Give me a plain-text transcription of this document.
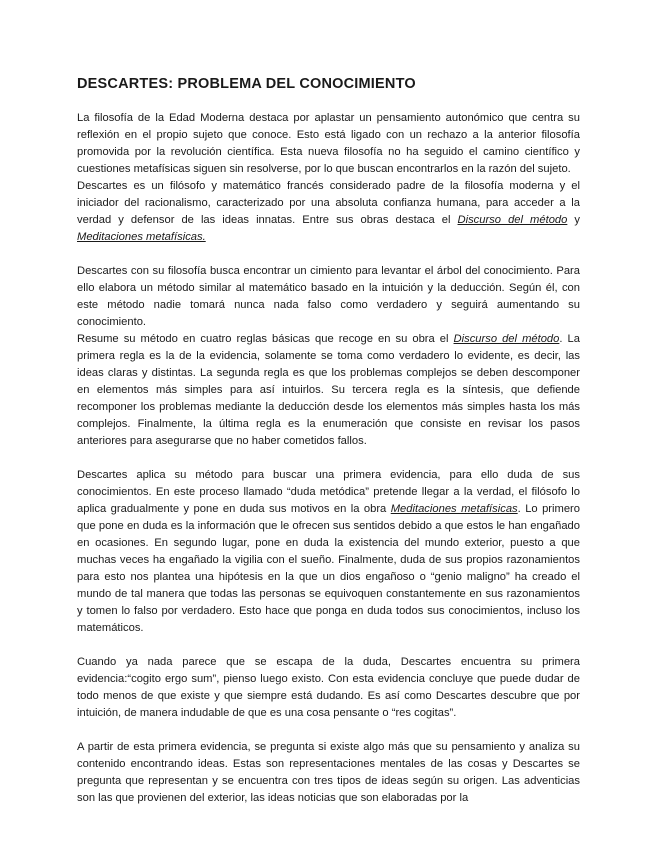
DESCARTES: PROBLEMA DEL CONOCIMIENTO

La filosofía de la Edad Moderna destaca por aplastar un pensamiento autonómico que centra su reflexión en el propio sujeto que conoce. Esto está ligado con un rechazo a la anterior filosofía promovida por la revolución científica. Esta nueva filosofía no ha seguido el camino científico y cuestiones metafísicas siguen sin resolverse, por lo que buscan encontrarlos en la razón del sujeto.

Descartes es un filósofo y matemático francés considerado padre de la filosofía moderna y el iniciador del racionalismo, caracterizado por una absoluta confianza humana, para acceder a la verdad y defensor de las ideas innatas. Entre sus obras destaca el Discurso del método y Meditaciones metafísicas.

Descartes con su filosofía busca encontrar un cimiento para levantar el árbol del conocimiento. Para ello elabora un método similar al matemático basado en la intuición y la deducción. Según él, con este método nadie tomará nunca nada falso como verdadero y seguirá aumentando su conocimiento.

Resume su método en cuatro reglas básicas que recoge en su obra el Discurso del método. La primera regla es la de la evidencia, solamente se toma como verdadero lo evidente, es decir, las ideas claras y distintas. La segunda regla es que los problemas complejos se deben descomponer en elementos más simples para así intuirlos. Su tercera regla es la síntesis, que defiende recomponer los problemas mediante la deducción desde los elementos más simples hasta los más complejos. Finalmente, la última regla es la enumeración que consiste en revisar los pasos anteriores para asegurarse que no haber cometidos fallos.

Descartes aplica su método para buscar una primera evidencia, para ello duda de sus conocimientos. En este proceso llamado “duda metódica” pretende llegar a la verdad, el filósofo lo aplica gradualmente y pone en duda sus motivos en la obra Meditaciones metafísicas. Lo primero que pone en duda es la información que le ofrecen sus sentidos debido a que estos le han engañado en ocasiones. En segundo lugar, pone en duda la existencia del mundo exterior, puesto a que muchas veces ha engañado la vigilia con el sueño. Finalmente, duda de sus propios razonamientos para esto nos plantea una hipótesis en la que un dios engañoso o “genio maligno” ha creado el mundo de tal manera que todas las personas se equivoquen constantemente en sus razonamientos y tomen lo falso por verdadero. Esto hace que ponga en duda todos sus conocimientos, incluso los matemáticos.

Cuando ya nada parece que se escapa de la duda, Descartes encuentra su primera evidencia:“cogito ergo sum”, pienso luego existo. Con esta evidencia concluye que puede dudar de todo menos de que existe y que siempre está dudando. Es así como Descartes descubre que por intuición, de manera indudable de que es una cosa pensante o “res cogitas”.

A partir de esta primera evidencia, se pregunta si existe algo más que su pensamiento y analiza su contenido encontrando ideas. Estas son representaciones mentales de las cosas y Descartes se pregunta que representan y se encuentra con tres tipos de ideas según su origen. Las adventicias son las que provienen del exterior, las ideas noticias que son elaboradas por la
